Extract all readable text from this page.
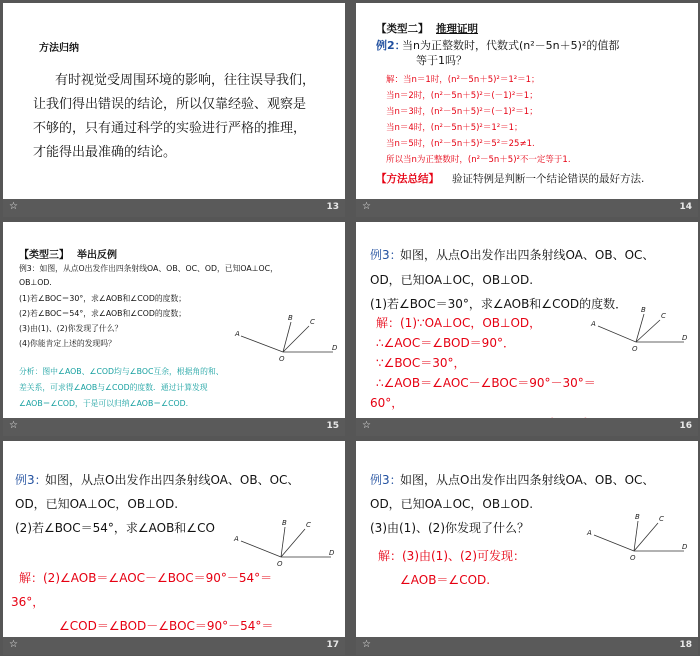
方法归纳
有时视觉受周围环境的影响，往往误导我们，
让我们得出错误的结论，所以仅靠经验、观察是
不够的，只有通过科学的实验进行严格的推理，
才能得出最准确的结论。
☆	13
【类型二】 推理证明
例2：
当n为正整数时，代数式(n²－5n＋5)²的值都
等于1吗？
解：当n＝1时，(n²－5n＋5)²＝1²＝1；
当n＝2时，(n²－5n＋5)²＝(－1)²＝1；
当n＝3时，(n²－5n＋5)²＝(－1)²＝1；
当n＝4时，(n²－5n＋5)²＝1²＝1；
当n＝5时，(n²－5n＋5)²＝5²＝25≠1.
所以当n为正整数时，(n²－5n＋5)²不一定等于1.
【方法总结】 验证特例是判断一个结论错误的最好方法.
☆	14
【类型三】 举出反例
例3：如图，从点O出发作出四条射线OA、OB、OC、OD，已知OA⊥OC，
OB⊥OD.
(1)若∠BOC＝30°，求∠AOB和∠COD的度数；
(2)若∠BOC＝54°，求∠AOB和∠COD的度数；
(3)由(1)、(2)你发现了什么？
(4)你能肯定上述的发现吗？
A
B C
O
D
分析：图中∠AOB、∠COD均与∠BOC互余，根据角的和、
差关系，可求得∠AOB与∠COD的度数．通过计算发现
∠AOB＝∠COD，于是可以归纳∠AOB＝∠COD.
☆	15
例3：
如图，从点O出发作出四条射线OA、OB、OC、
OD，已知OA⊥OC，OB⊥OD.
(1)若∠BOC＝30°，求∠AOB和∠COD的度数．
A
B
C
O
D
解：(1)∵OA⊥OC，OB⊥OD，
∴∠AOC＝∠BOD＝90°．
∵∠BOC＝30°，
∴∠AOB＝∠AOC－∠BOC＝90°－30°＝
60°，
☆	16
例3：
如图，从点O出发作出四条射线OA、OB、OC、
OD，已知OA⊥OC，OB⊥OD.
(2)若∠BOC＝54°，求∠AOB和∠CO
A
B	C
O
D
解：(2)∠AOB＝∠AOC－∠BOC＝90°－54°＝
36°，
∠COD＝∠BOD－∠BOC＝90°－54°＝
☆	17
例3：
如图，从点O出发作出四条射线OA、OB、OC、
OD，已知OA⊥OC，OB⊥OD.
(3)由(1)、(2)你发现了什么？	A
B	C
O
D
解：(3)由(1)、(2)可发现：
∠AOB＝∠COD.
☆	18
